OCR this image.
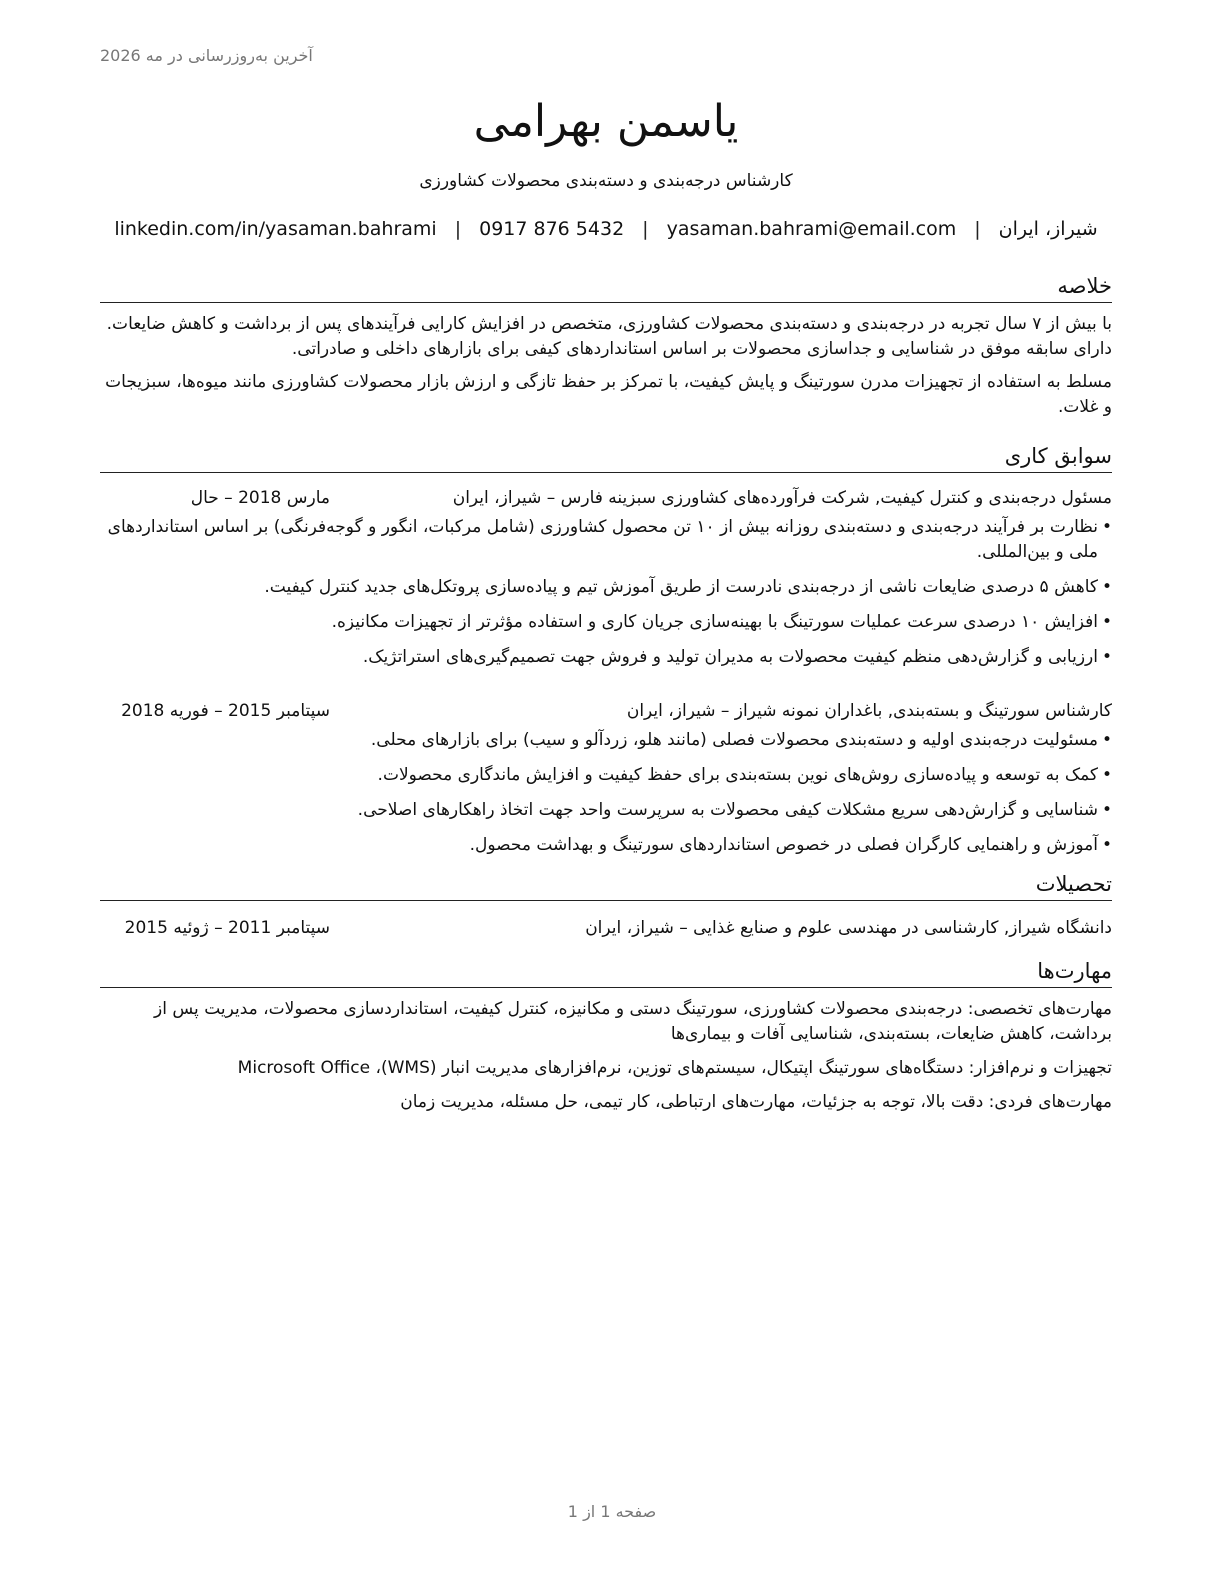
آخرین به‌روزرسانی در مه 2026
یاسمن بهرامی
کارشناس درجه‌بندی و دسته‌بندی محصولات کشاورزی
شیراز، ایران
|
yasaman.bahrami@email.com
|
0917 876 5432
|
linkedin.com/in/yasaman.bahrami
خلاصه
با بیش از ۷ سال تجربه در درجه‌بندی و دسته‌بندی محصولات کشاورزی، متخصص در افزایش کارایی فرآیندهای پس از برداشت و کاهش ضایعات. دارای سابقه موفق در شناسایی و جداسازی محصولات بر اساس استانداردهای کیفی برای بازارهای داخلی و صادراتی.
مسلط به استفاده از تجهیزات مدرن سورتینگ و پایش کیفیت، با تمرکز بر حفظ تازگی و ارزش بازار محصولات کشاورزی مانند میوه‌ها، سبزیجات و غلات.
سوابق کاری
مسئول درجه‌بندی و کنترل کیفیت, شرکت فرآورده‌های کشاورزی سبزینه فارس – شیراز، ایران
مارس 2018 – حال
• نظارت بر فرآیند درجه‌بندی و دسته‌بندی روزانه بیش از ۱۰ تن محصول کشاورزی (شامل مرکبات، انگور و گوجه‌فرنگی) بر اساس استانداردهای ملی و بین‌المللی.
• کاهش ۵ درصدی ضایعات ناشی از درجه‌بندی نادرست از طریق آموزش تیم و پیاده‌سازی پروتکل‌های جدید کنترل کیفیت.
• افزایش ۱۰ درصدی سرعت عملیات سورتینگ با بهینه‌سازی جریان کاری و استفاده مؤثرتر از تجهیزات مکانیزه.
• ارزیابی و گزارش‌دهی منظم کیفیت محصولات به مدیران تولید و فروش جهت تصمیم‌گیری‌های استراتژیک.
کارشناس سورتینگ و بسته‌بندی, باغداران نمونه شیراز – شیراز، ایران
سپتامبر 2015 – فوریه 2018
• مسئولیت درجه‌بندی اولیه و دسته‌بندی محصولات فصلی (مانند هلو، زردآلو و سیب) برای بازارهای محلی.
• کمک به توسعه و پیاده‌سازی روش‌های نوین بسته‌بندی برای حفظ کیفیت و افزایش ماندگاری محصولات.
• شناسایی و گزارش‌دهی سریع مشکلات کیفی محصولات به سرپرست واحد جهت اتخاذ راهکارهای اصلاحی.
• آموزش و راهنمایی کارگران فصلی در خصوص استانداردهای سورتینگ و بهداشت محصول.
تحصیلات
دانشگاه شیراز, کارشناسی در مهندسی علوم و صنایع غذایی – شیراز، ایران
سپتامبر 2011 – ژوئیه 2015
مهارت‌ها
مهارت‌های تخصصی: درجه‌بندی محصولات کشاورزی، سورتینگ دستی و مکانیزه، کنترل کیفیت، استانداردسازی محصولات، مدیریت پس از برداشت، کاهش ضایعات، بسته‌بندی، شناسایی آفات و بیماری‌ها
تجهیزات و نرم‌افزار: دستگاه‌های سورتینگ اپتیکال، سیستم‌های توزین، نرم‌افزارهای مدیریت انبار (WMS)، Microsoft Office
مهارت‌های فردی: دقت بالا، توجه به جزئیات، مهارت‌های ارتباطی، کار تیمی، حل مسئله، مدیریت زمان
صفحه 1 از 1
